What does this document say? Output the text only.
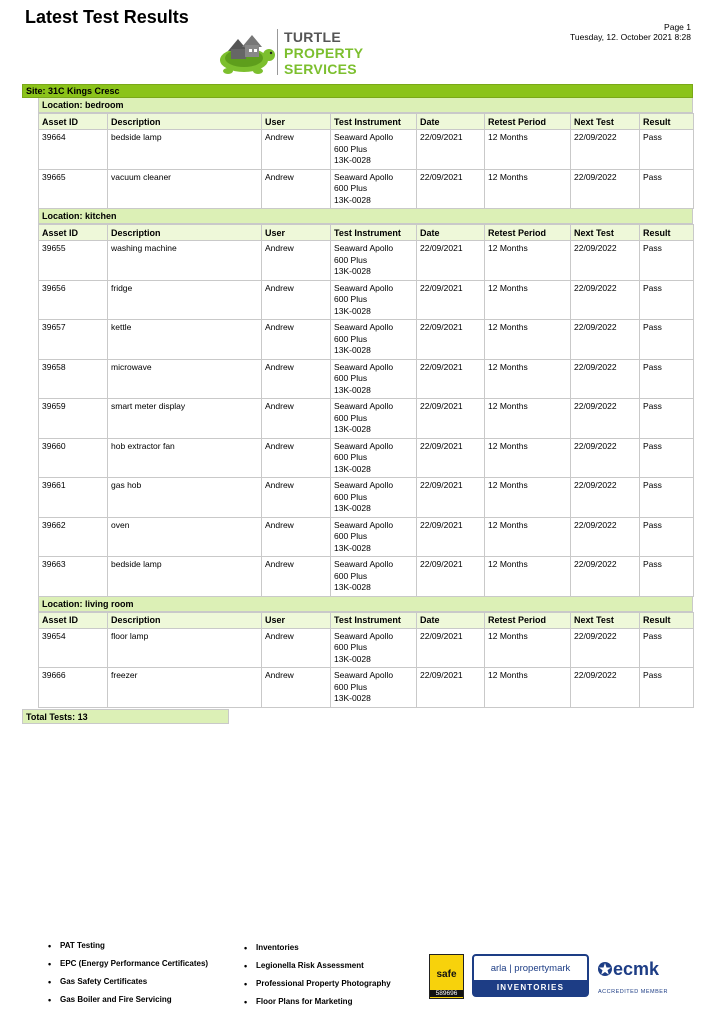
Latest Test Results	Page 1
Tuesday, 12. October 2021 8:28
TURTLE
PROPERTY
SERVICES
Site: 31C Kings Cresc
Location: bedroom
Asset ID	Description	User	Test Instrument	Date	Retest Period	Next Test	Result
39664	bedside lamp	Andrew	Seaward Apollo
600 Plus
13K-0028	22/09/2021	12 Months	22/09/2022	Pass
39665	vacuum cleaner	Andrew	Seaward Apollo
600 Plus
13K-0028	22/09/2021	12 Months	22/09/2022	Pass
Location: kitchen
Asset ID	Description	User	Test Instrument	Date	Retest Period	Next Test	Result
39655	washing machine	Andrew	Seaward Apollo
600 Plus
13K-0028	22/09/2021	12 Months	22/09/2022	Pass
39656	fridge	Andrew	Seaward Apollo
600 Plus
13K-0028	22/09/2021	12 Months	22/09/2022	Pass
39657	kettle	Andrew	Seaward Apollo
600 Plus
13K-0028	22/09/2021	12 Months	22/09/2022	Pass
39658	microwave	Andrew	Seaward Apollo
600 Plus
13K-0028	22/09/2021	12 Months	22/09/2022	Pass
39659	smart meter display	Andrew	Seaward Apollo
600 Plus
13K-0028	22/09/2021	12 Months	22/09/2022	Pass
39660	hob extractor fan	Andrew	Seaward Apollo
600 Plus
13K-0028	22/09/2021	12 Months	22/09/2022	Pass
39661	gas hob	Andrew	Seaward Apollo
600 Plus
13K-0028	22/09/2021	12 Months	22/09/2022	Pass
39662	oven	Andrew	Seaward Apollo
600 Plus
13K-0028	22/09/2021	12 Months	22/09/2022	Pass
39663	bedside lamp	Andrew	Seaward Apollo
600 Plus
13K-0028	22/09/2021	12 Months	22/09/2022	Pass
Location: living room
Asset ID	Description	User	Test Instrument	Date	Retest Period	Next Test	Result
39654	floor lamp	Andrew	Seaward Apollo
600 Plus
13K-0028	22/09/2021	12 Months	22/09/2022	Pass
39666	freezer	Andrew	Seaward Apollo
600 Plus
13K-0028	22/09/2021	12 Months	22/09/2022	Pass
Total Tests: 13
• PAT Testing
• EPC (Energy Performance Certificates)
• Gas Safety Certificates
• Gas Boiler and Fire Servicing
• Inventories
• Legionella Risk Assessment
• Professional Property Photography
• Floor Plans for Marketing
safe
589696
arla | propertymark
INVENTORIES
ecmk
ACCREDITED MEMBER
